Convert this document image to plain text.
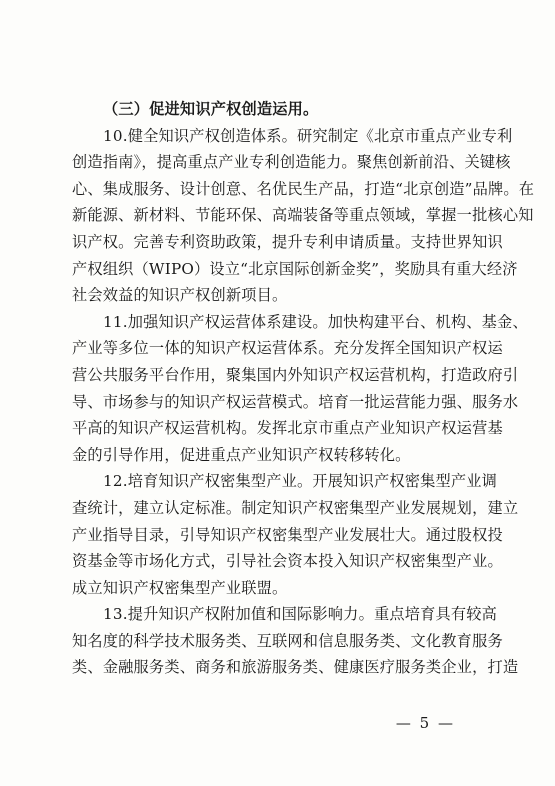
（三）促进知识产权创造运用。
10.健全知识产权创造体系。研究制定《北京市重点产业专利
创造指南》，提高重点产业专利创造能力。聚焦创新前沿、关键核
心、集成服务、设计创意、名优民生产品，打造“北京创造”品牌。在
新能源、新材料、节能环保、高端装备等重点领域，掌握一批核心知
识产权。完善专利资助政策，提升专利申请质量。支持世界知识
产权组织（WIPO）设立“北京国际创新金奖”，奖励具有重大经济
社会效益的知识产权创新项目。
11.加强知识产权运营体系建设。加快构建平台、机构、基金、
产业等多位一体的知识产权运营体系。充分发挥全国知识产权运
营公共服务平台作用，聚集国内外知识产权运营机构，打造政府引
导、市场参与的知识产权运营模式。培育一批运营能力强、服务水
平高的知识产权运营机构。发挥北京市重点产业知识产权运营基
金的引导作用，促进重点产业知识产权转移转化。
12.培育知识产权密集型产业。开展知识产权密集型产业调
查统计，建立认定标准。制定知识产权密集型产业发展规划，建立
产业指导目录，引导知识产权密集型产业发展壮大。通过股权投
资基金等市场化方式，引导社会资本投入知识产权密集型产业。
成立知识产权密集型产业联盟。
13.提升知识产权附加值和国际影响力。重点培育具有较高
知名度的科学技术服务类、互联网和信息服务类、文化教育服务
类、金融服务类、商务和旅游服务类、健康医疗服务类企业，打造
— 5 —
